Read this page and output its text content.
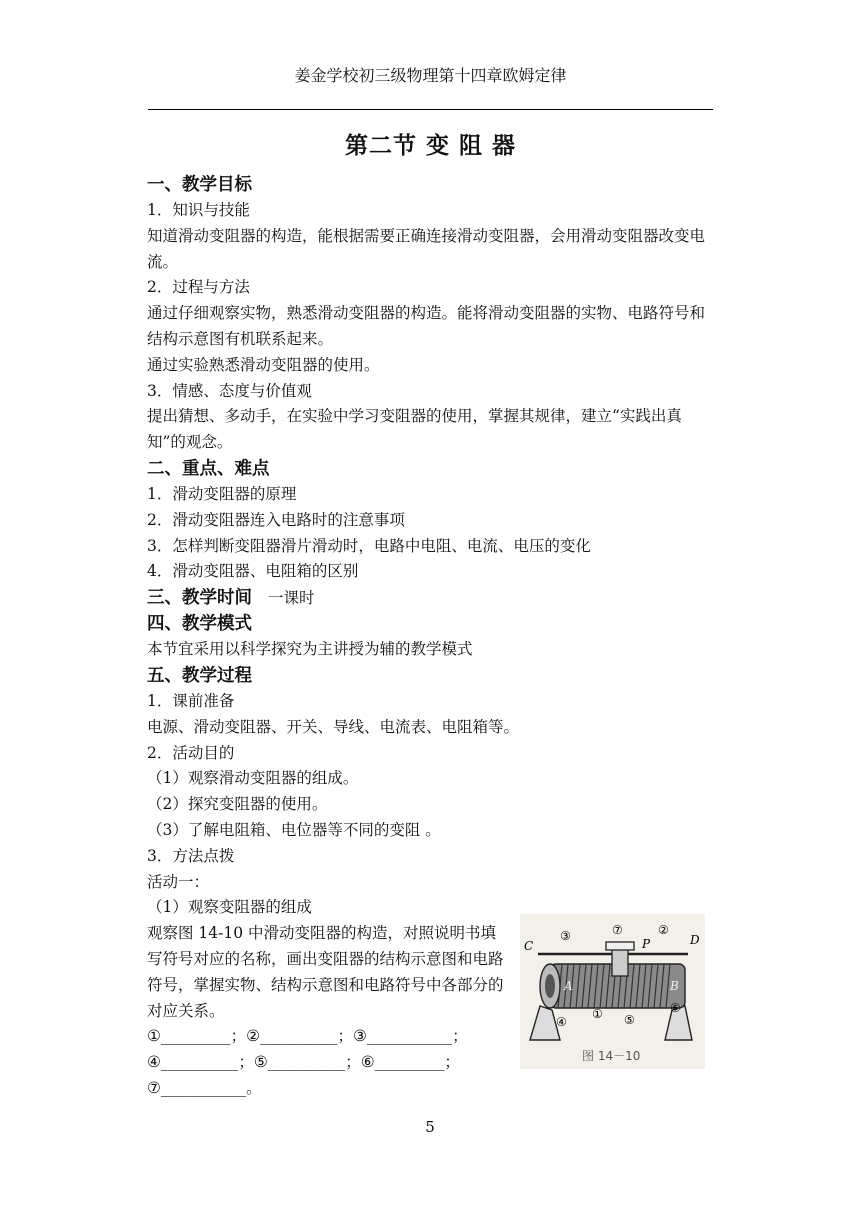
姜金学校初三级物理第十四章欧姆定律
第二节 变 阻 器

一、教学目标

1．知识与技能

知道滑动变阻器的构造，能根据需要正确连接滑动变阻器，会用滑动变阻器改变电流。

2．过程与方法

通过仔细观察实物，熟悉滑动变阻器的构造。能将滑动变阻器的实物、电路符号和结构示意图有机联系起来。

通过实验熟悉滑动变阻器的使用。

3．情感、态度与价值观

提出猜想、多动手，在实验中学习变阻器的使用，掌握其规律，建立“实践出真知”的观念。

二、重点、难点

1．滑动变阻器的原理

2．滑动变阻器连入电路时的注意事项

3．怎样判断变阻器滑片滑动时，电路中电阻、电流、电压的变化

4．滑动变阻器、电阻箱的区别

三、教学时间 一课时

四、教学模式

本节宜采用以科学探究为主讲授为辅的教学模式

五、教学过程

1．课前准备

电源、滑动变阻器、开关、导线、电流表、电阻箱等。

2．活动目的

（1）观察滑动变阻器的组成。

（2）探究变阻器的使用。

（3）了解电阻箱、电位器等不同的变阻 。

3．方法点拨

活动一：

（1）观察变阻器的组成

观察图 14-10 中滑动变阻器的构造，对照说明书填写符号对应的名称，画出变阻器的结构示意图和电路符号，掌握实物、结构示意图和电路符号中各部分的对应关系。

①_________；②__________；③___________；

④__________；⑤__________；⑥_________；

⑦___________。

C	D
P
A	B
③	⑦	②
④
① ⑤
⑥
图 14－10
5
